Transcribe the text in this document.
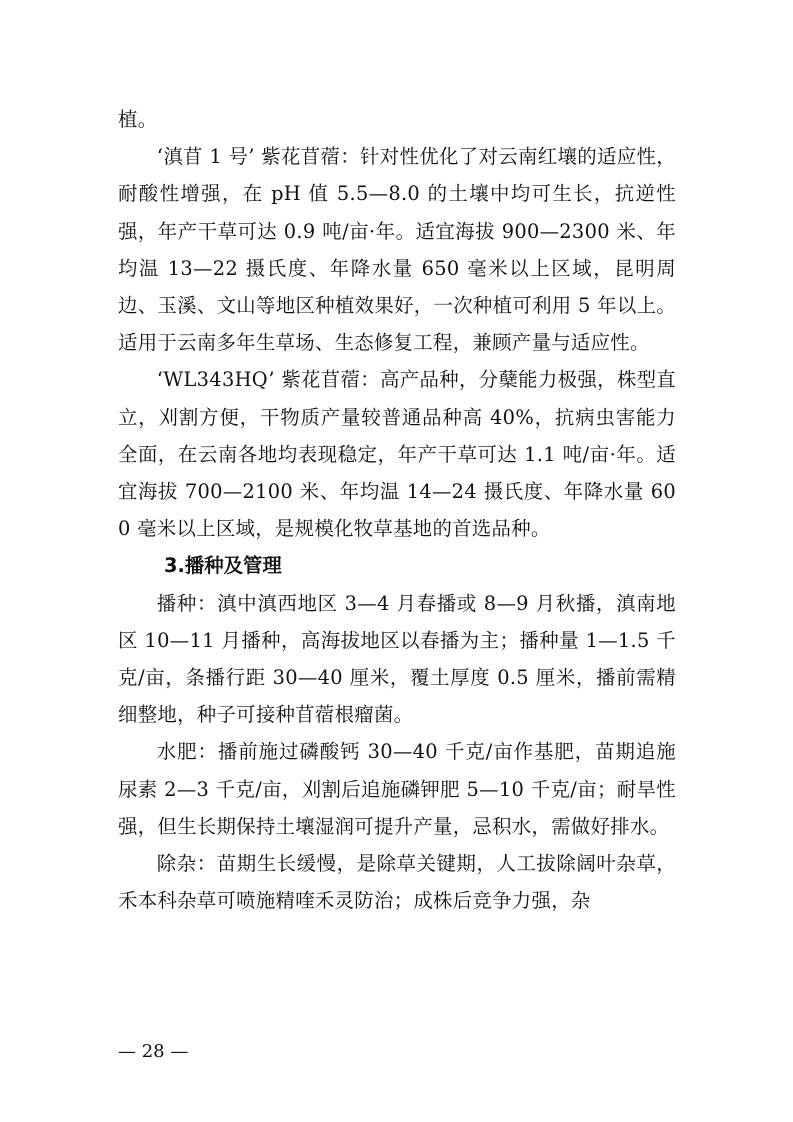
植。

‘滇苜 1 号’ 紫花苜蓿：针对性优化了对云南红壤的适应性，耐酸性增强，在 pH 值 5.5—8.0 的土壤中均可生长，抗逆性强，年产干草可达 0.9 吨/亩·年。适宜海拔 900—2300 米、年均温 13—22 摄氏度、年降水量 650 毫米以上区域，昆明周边、玉溪、文山等地区种植效果好，一次种植可利用 5 年以上。适用于云南多年生草场、生态修复工程，兼顾产量与适应性。

‘WL343HQ’ 紫花苜蓿：高产品种，分蘖能力极强，株型直立，刈割方便，干物质产量较普通品种高 40%，抗病虫害能力全面，在云南各地均表现稳定，年产干草可达 1.1 吨/亩·年。适宜海拔 700—2100 米、年均温 14—24 摄氏度、年降水量 600 毫米以上区域，是规模化牧草基地的首选品种。

3.播种及管理

播种：滇中滇西地区 3—4 月春播或 8—9 月秋播，滇南地区 10—11 月播种，高海拔地区以春播为主；播种量 1—1.5 千克/亩，条播行距 30—40 厘米，覆土厚度 0.5 厘米，播前需精细整地，种子可接种苜蓿根瘤菌。

水肥：播前施过磷酸钙 30—40 千克/亩作基肥，苗期追施尿素 2—3 千克/亩，刈割后追施磷钾肥 5—10 千克/亩；耐旱性强，但生长期保持土壤湿润可提升产量，忌积水，需做好排水。

除杂：苗期生长缓慢，是除草关键期，人工拔除阔叶杂草，禾本科杂草可喷施精喹禾灵防治；成株后竞争力强，杂

— 28 —
